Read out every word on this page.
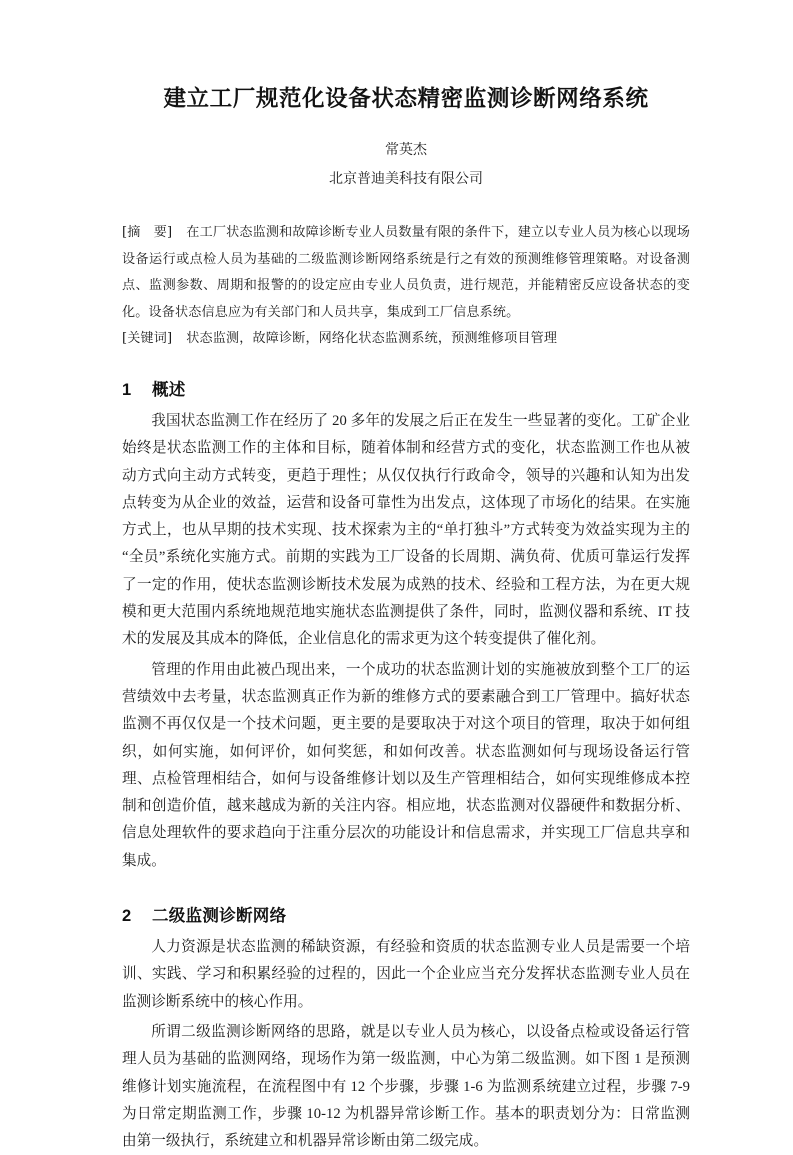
建立工厂规范化设备状态精密监测诊断网络系统

常英杰

北京普迪美科技有限公司

[摘　要] 在工厂状态监测和故障诊断专业人员数量有限的条件下，建立以专业人员为核心以现场设备运行或点检人员为基础的二级监测诊断网络系统是行之有效的预测维修管理策略。对设备测点、监测参数、周期和报警的的设定应由专业人员负责，进行规范，并能精密反应设备状态的变化。设备状态信息应为有关部门和人员共享，集成到工厂信息系统。

[关键词] 状态监测，故障诊断，网络化状态监测系统，预测维修项目管理

1 概述

我国状态监测工作在经历了 20 多年的发展之后正在发生一些显著的变化。工矿企业始终是状态监测工作的主体和目标，随着体制和经营方式的变化，状态监测工作也从被动方式向主动方式转变，更趋于理性；从仅仅执行行政命令，领导的兴趣和认知为出发点转变为从企业的效益，运营和设备可靠性为出发点，这体现了市场化的结果。在实施方式上，也从早期的技术实现、技术探索为主的“单打独斗”方式转变为效益实现为主的“全员”系统化实施方式。前期的实践为工厂设备的长周期、满负荷、优质可靠运行发挥了一定的作用，使状态监测诊断技术发展为成熟的技术、经验和工程方法，为在更大规模和更大范围内系统地规范地实施状态监测提供了条件，同时，监测仪器和系统、IT 技术的发展及其成本的降低，企业信息化的需求更为这个转变提供了催化剂。

管理的作用由此被凸现出来，一个成功的状态监测计划的实施被放到整个工厂的运营绩效中去考量，状态监测真正作为新的维修方式的要素融合到工厂管理中。搞好状态监测不再仅仅是一个技术问题，更主要的是要取决于对这个项目的管理，取决于如何组织，如何实施，如何评价，如何奖惩，和如何改善。状态监测如何与现场设备运行管理、点检管理相结合，如何与设备维修计划以及生产管理相结合，如何实现维修成本控制和创造价值，越来越成为新的关注内容。相应地，状态监测对仪器硬件和数据分析、信息处理软件的要求趋向于注重分层次的功能设计和信息需求，并实现工厂信息共享和集成。

2 二级监测诊断网络

人力资源是状态监测的稀缺资源，有经验和资质的状态监测专业人员是需要一个培训、实践、学习和积累经验的过程的，因此一个企业应当充分发挥状态监测专业人员在监测诊断系统中的核心作用。

所谓二级监测诊断网络的思路，就是以专业人员为核心，以设备点检或设备运行管理人员为基础的监测网络，现场作为第一级监测，中心为第二级监测。如下图 1 是预测维修计划实施流程，在流程图中有 12 个步骤，步骤 1-6 为监测系统建立过程，步骤 7-9 为日常定期监测工作，步骤 10-12 为机器异常诊断工作。基本的职责划分为：日常监测由第一级执行，系统建立和机器异常诊断由第二级完成。
